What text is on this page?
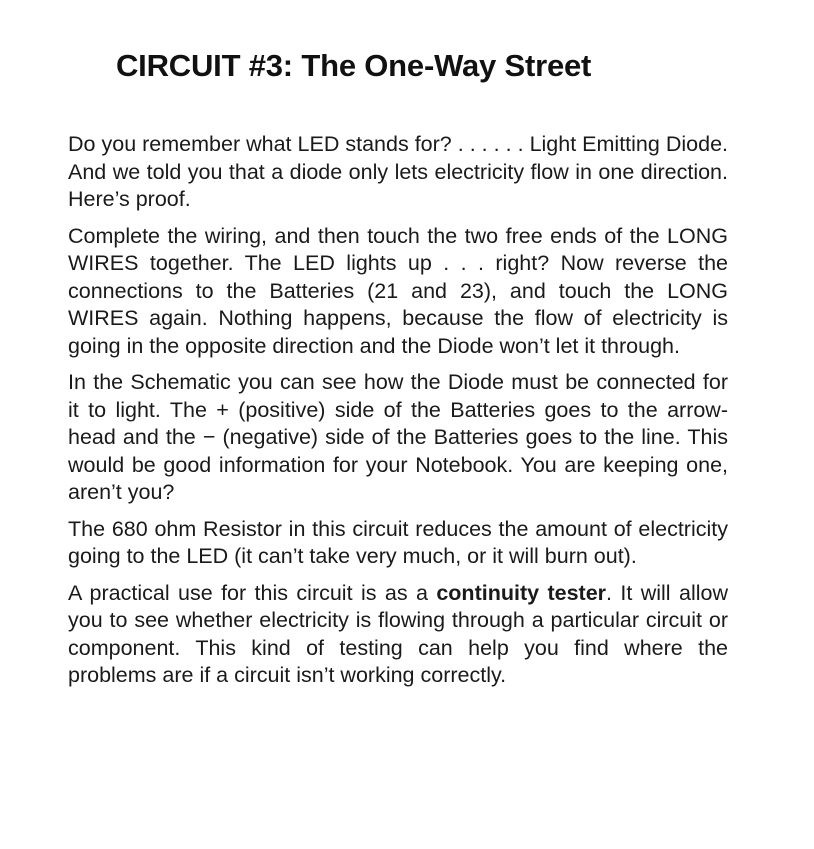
CIRCUIT #3: The One-Way Street

Do you remember what LED stands for? . . . . . . Light Emitting Diode. And we told you that a diode only lets electricity flow in one direction. Here’s proof.

Complete the wiring, and then touch the two free ends of the LONG WIRES together. The LED lights up . . . right? Now reverse the connections to the Batteries (21 and 23), and touch the LONG WIRES again. Nothing happens, because the flow of electricity is going in the opposite direction and the Diode won’t let it through.

In the Schematic you can see how the Diode must be connected for it to light. The + (positive) side of the Batteries goes to the arrow-head and the − (negative) side of the Batteries goes to the line. This would be good information for your Notebook. You are keeping one, aren’t you?

The 680 ohm Resistor in this circuit reduces the amount of electricity going to the LED (it can’t take very much, or it will burn out).

A practical use for this circuit is as a continuity tester. It will allow you to see whether electricity is flowing through a particular circuit or component. This kind of testing can help you find where the problems are if a circuit isn’t working correctly.
